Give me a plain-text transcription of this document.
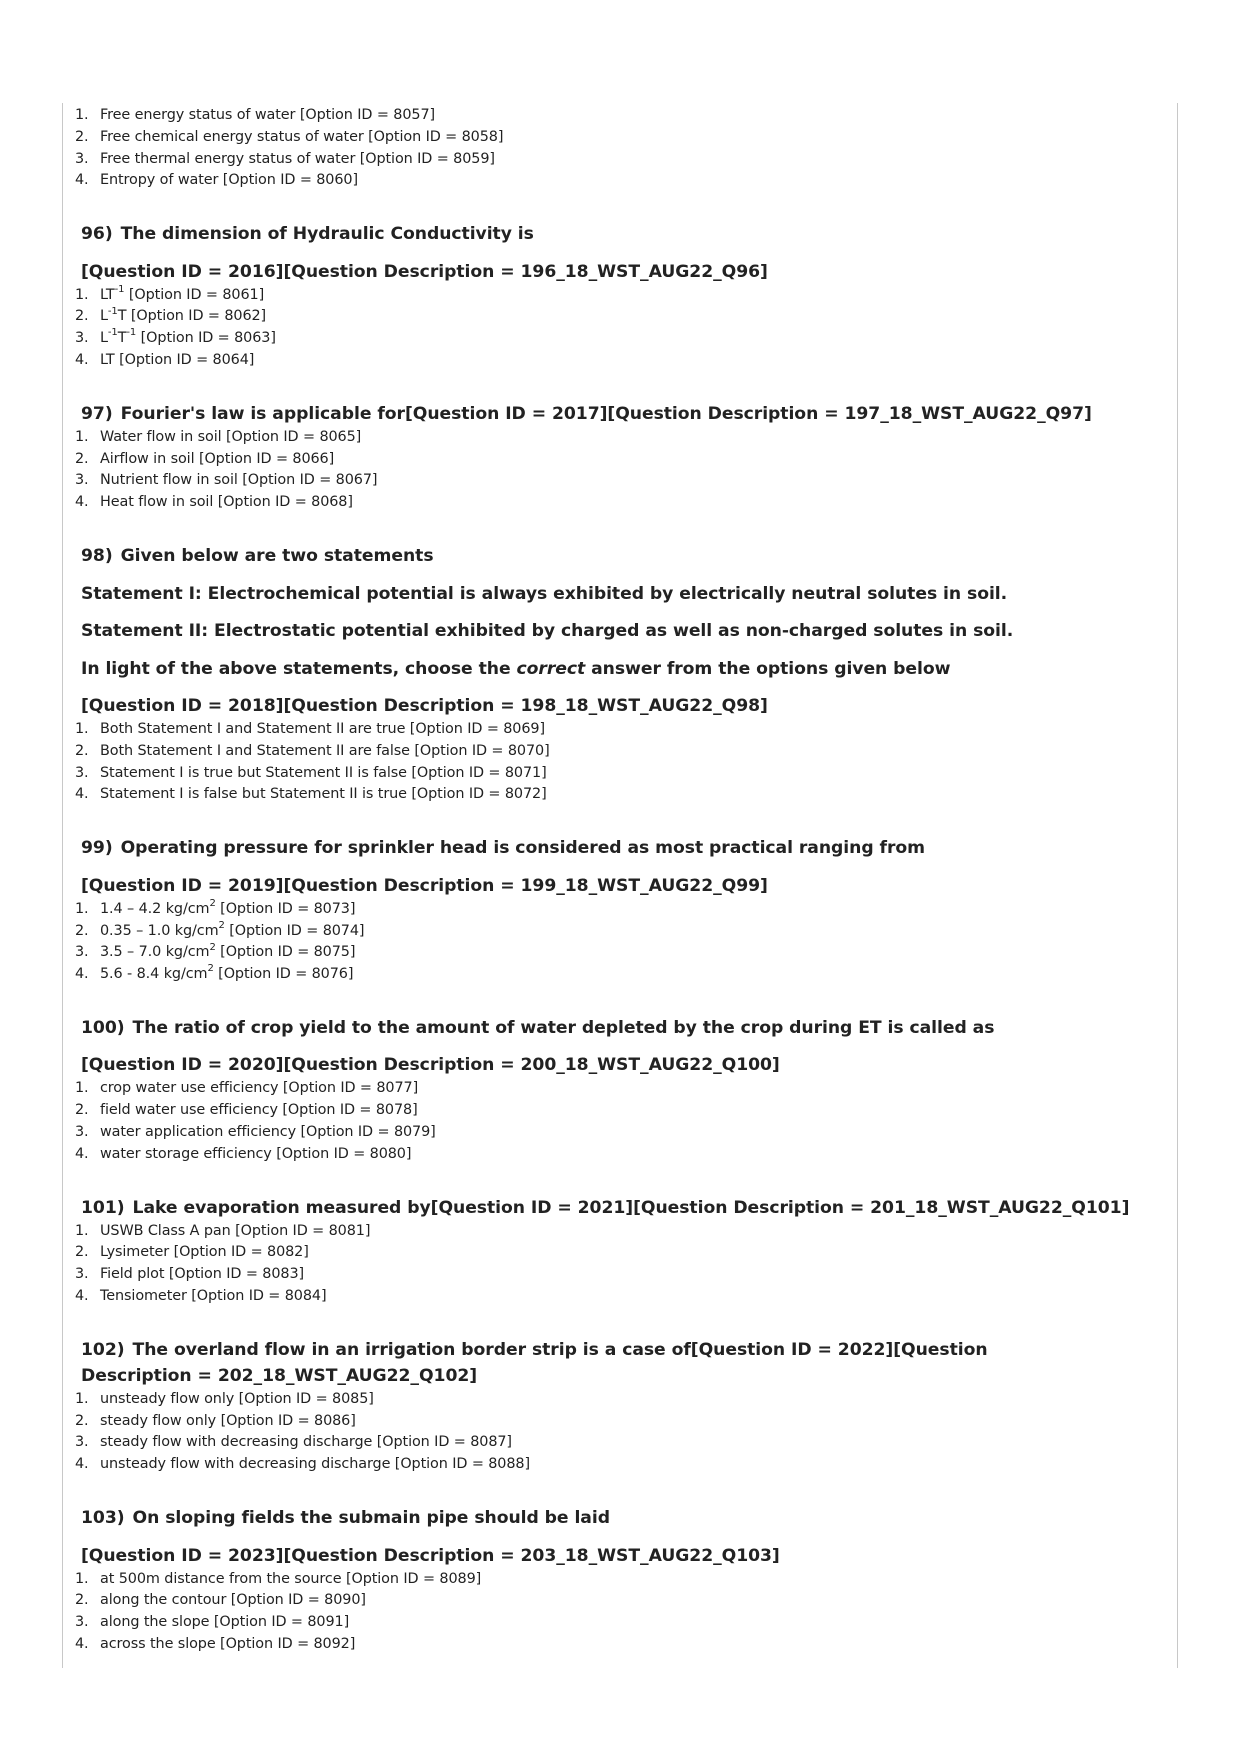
1. Free energy status of water [Option ID = 8057]
2. Free chemical energy status of water [Option ID = 8058]
3. Free thermal energy status of water [Option ID = 8059]
4. Entropy of water [Option ID = 8060]

96) The dimension of Hydraulic Conductivity is

[Question ID = 2016][Question Description = 196_18_WST_AUG22_Q96]

1. $LT^{-1}$ [Option ID = 8061]
2. $L^{-1}T$ [Option ID = 8062]
3. $L^{-1}T^{-1}$ [Option ID = 8063]
4. LT [Option ID = 8064]

97) Fourier's law is applicable for[Question ID = 2017][Question Description = 197_18_WST_AUG22_Q97]

1. Water flow in soil [Option ID = 8065]
2. Airflow in soil [Option ID = 8066]
3. Nutrient flow in soil [Option ID = 8067]
4. Heat flow in soil [Option ID = 8068]

98) Given below are two statements

Statement I: Electrochemical potential is always exhibited by electrically neutral solutes in soil.

Statement II: Electrostatic potential exhibited by charged as well as non-charged solutes in soil.

In light of the above statements, choose the correct answer from the options given below

[Question ID = 2018][Question Description = 198_18_WST_AUG22_Q98]

1. Both Statement I and Statement II are true [Option ID = 8069]
2. Both Statement I and Statement II are false [Option ID = 8070]
3. Statement I is true but Statement II is false [Option ID = 8071]
4. Statement I is false but Statement II is true [Option ID = 8072]

99) Operating pressure for sprinkler head is considered as most practical ranging from

[Question ID = 2019][Question Description = 199_18_WST_AUG22_Q99]

1. 1.4 – 4.2 $kg/cm^2$ [Option ID = 8073]
2. 0.35 – 1.0 $kg/cm^2$ [Option ID = 8074]
3. 3.5 – 7.0 $kg/cm^2$ [Option ID = 8075]
4. 5.6 - 8.4 $kg/cm^2$ [Option ID = 8076]

100) The ratio of crop yield to the amount of water depleted by the crop during ET is called as

[Question ID = 2020][Question Description = 200_18_WST_AUG22_Q100]

1. crop water use efficiency [Option ID = 8077]
2. field water use efficiency [Option ID = 8078]
3. water application efficiency [Option ID = 8079]
4. water storage efficiency [Option ID = 8080]

101) Lake evaporation measured by[Question ID = 2021][Question Description = 201_18_WST_AUG22_Q101]

1. USWB Class A pan [Option ID = 8081]
2. Lysimeter [Option ID = 8082]
3. Field plot [Option ID = 8083]
4. Tensiometer [Option ID = 8084]

102) The overland flow in an irrigation border strip is a case of[Question ID = 2022][Question Description = 202_18_WST_AUG22_Q102]

1. unsteady flow only [Option ID = 8085]
2. steady flow only [Option ID = 8086]
3. steady flow with decreasing discharge [Option ID = 8087]
4. unsteady flow with decreasing discharge [Option ID = 8088]

103) On sloping fields the submain pipe should be laid

[Question ID = 2023][Question Description = 203_18_WST_AUG22_Q103]

1. at 500m distance from the source [Option ID = 8089]
2. along the contour [Option ID = 8090]
3. along the slope [Option ID = 8091]
4. across the slope [Option ID = 8092]
